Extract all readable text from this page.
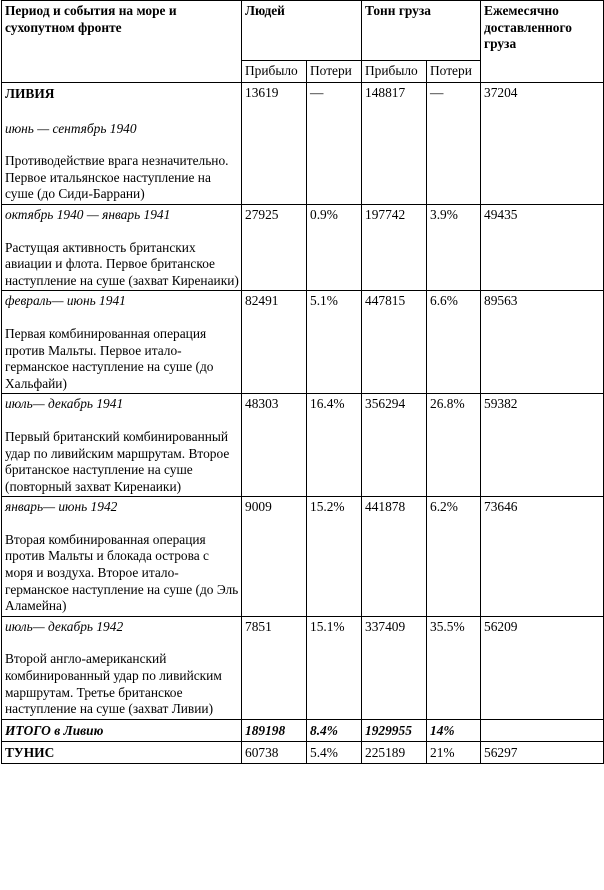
Период и события на море и сухопутном фронте	Людей		Тонн груза		Ежемесячно доставленного груза
	Прибыло	Потери	Прибыло	Потери	

ЛИВИЯ
июнь — сентябрь 1940
Противодействие врага незначительно. Первое итальянское наступление на суше (до Сиди-Баррани)	13619	—	148817	—	37204

октябрь 1940 — январь 1941
Растущая активность британских авиации и флота. Первое британское наступление на суше (захват Киренаики)	27925	0.9%	197742	3.9%	49435

февраль— июнь 1941
Первая комбинированная операция против Мальты. Первое итало-германское наступление на суше (до Хальфайи)	82491	5.1%	447815	6.6%	89563

июль— декабрь 1941
Первый британский комбинированный удар по ливийским маршрутам. Второе британское наступление на суше (повторный захват Киренаики)	48303	16.4%	356294	26.8%	59382

январь— июнь 1942
Вторая комбинированная операция против Мальты и блокада острова с моря и воздуха. Второе итало-германское наступление на суше (до Эль Аламейна)	9009	15.2%	441878	6.2%	73646

июль— декабрь 1942
Второй англо-американский комбинированный удар по ливийским маршрутам. Третье британское наступление на суше (захват Ливии)	7851	15.1%	337409	35.5%	56209
ИТОГО в Ливию	189198	8.4%	1929955	14%	
ТУНИС	60738	5.4%	225189	21%	56297
